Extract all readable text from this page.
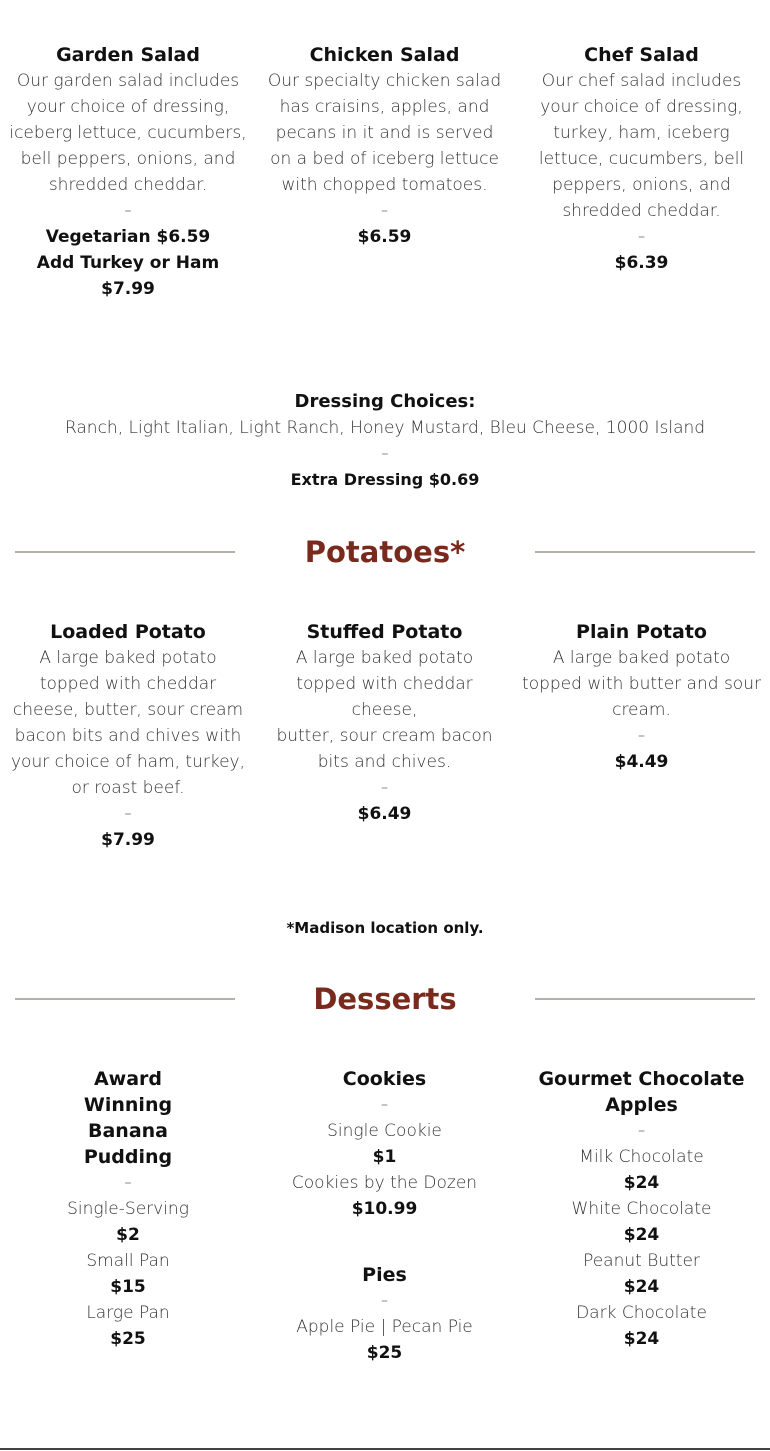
Garden Salad
Our garden salad includes your choice of dressing, iceberg lettuce, cucumbers, bell peppers, onions, and shredded cheddar.
–
Vegetarian $6.59
Add Turkey or Ham
$7.99
Chicken Salad
Our specialty chicken salad has craisins, apples, and pecans in it and is served on a bed of iceberg lettuce with chopped tomatoes.
–
$6.59
Chef Salad
Our chef salad includes your choice of dressing, turkey, ham, iceberg lettuce, cucumbers, bell peppers, onions, and shredded cheddar.
–
$6.39
Dressing Choices:
Ranch, Light Italian, Light Ranch, Honey Mustard, Bleu Cheese, 1000 Island
–
Extra Dressing $0.69
Potatoes*
Loaded Potato
A large baked potato topped with cheddar cheese, butter, sour cream bacon bits and chives with your choice of ham, turkey, or roast beef.
–
$7.99
Stuffed Potato
A large baked potato topped with cheddar cheese,
butter, sour cream bacon bits and chives.
–
$6.49
Plain Potato
A large baked potato topped with butter and sour cream.
–
$4.49
*Madison location only.
Desserts
Award Winning Banana Pudding
–
Single-Serving
$2
Small Pan
$15
Large Pan
$25
Cookies
–
Single Cookie
$1
Cookies by the Dozen
$10.99
Pies
–
Apple Pie | Pecan Pie
$25
Gourmet Chocolate Apples
–
Milk Chocolate
$24
White Chocolate
$24
Peanut Butter
$24
Dark Chocolate
$24
